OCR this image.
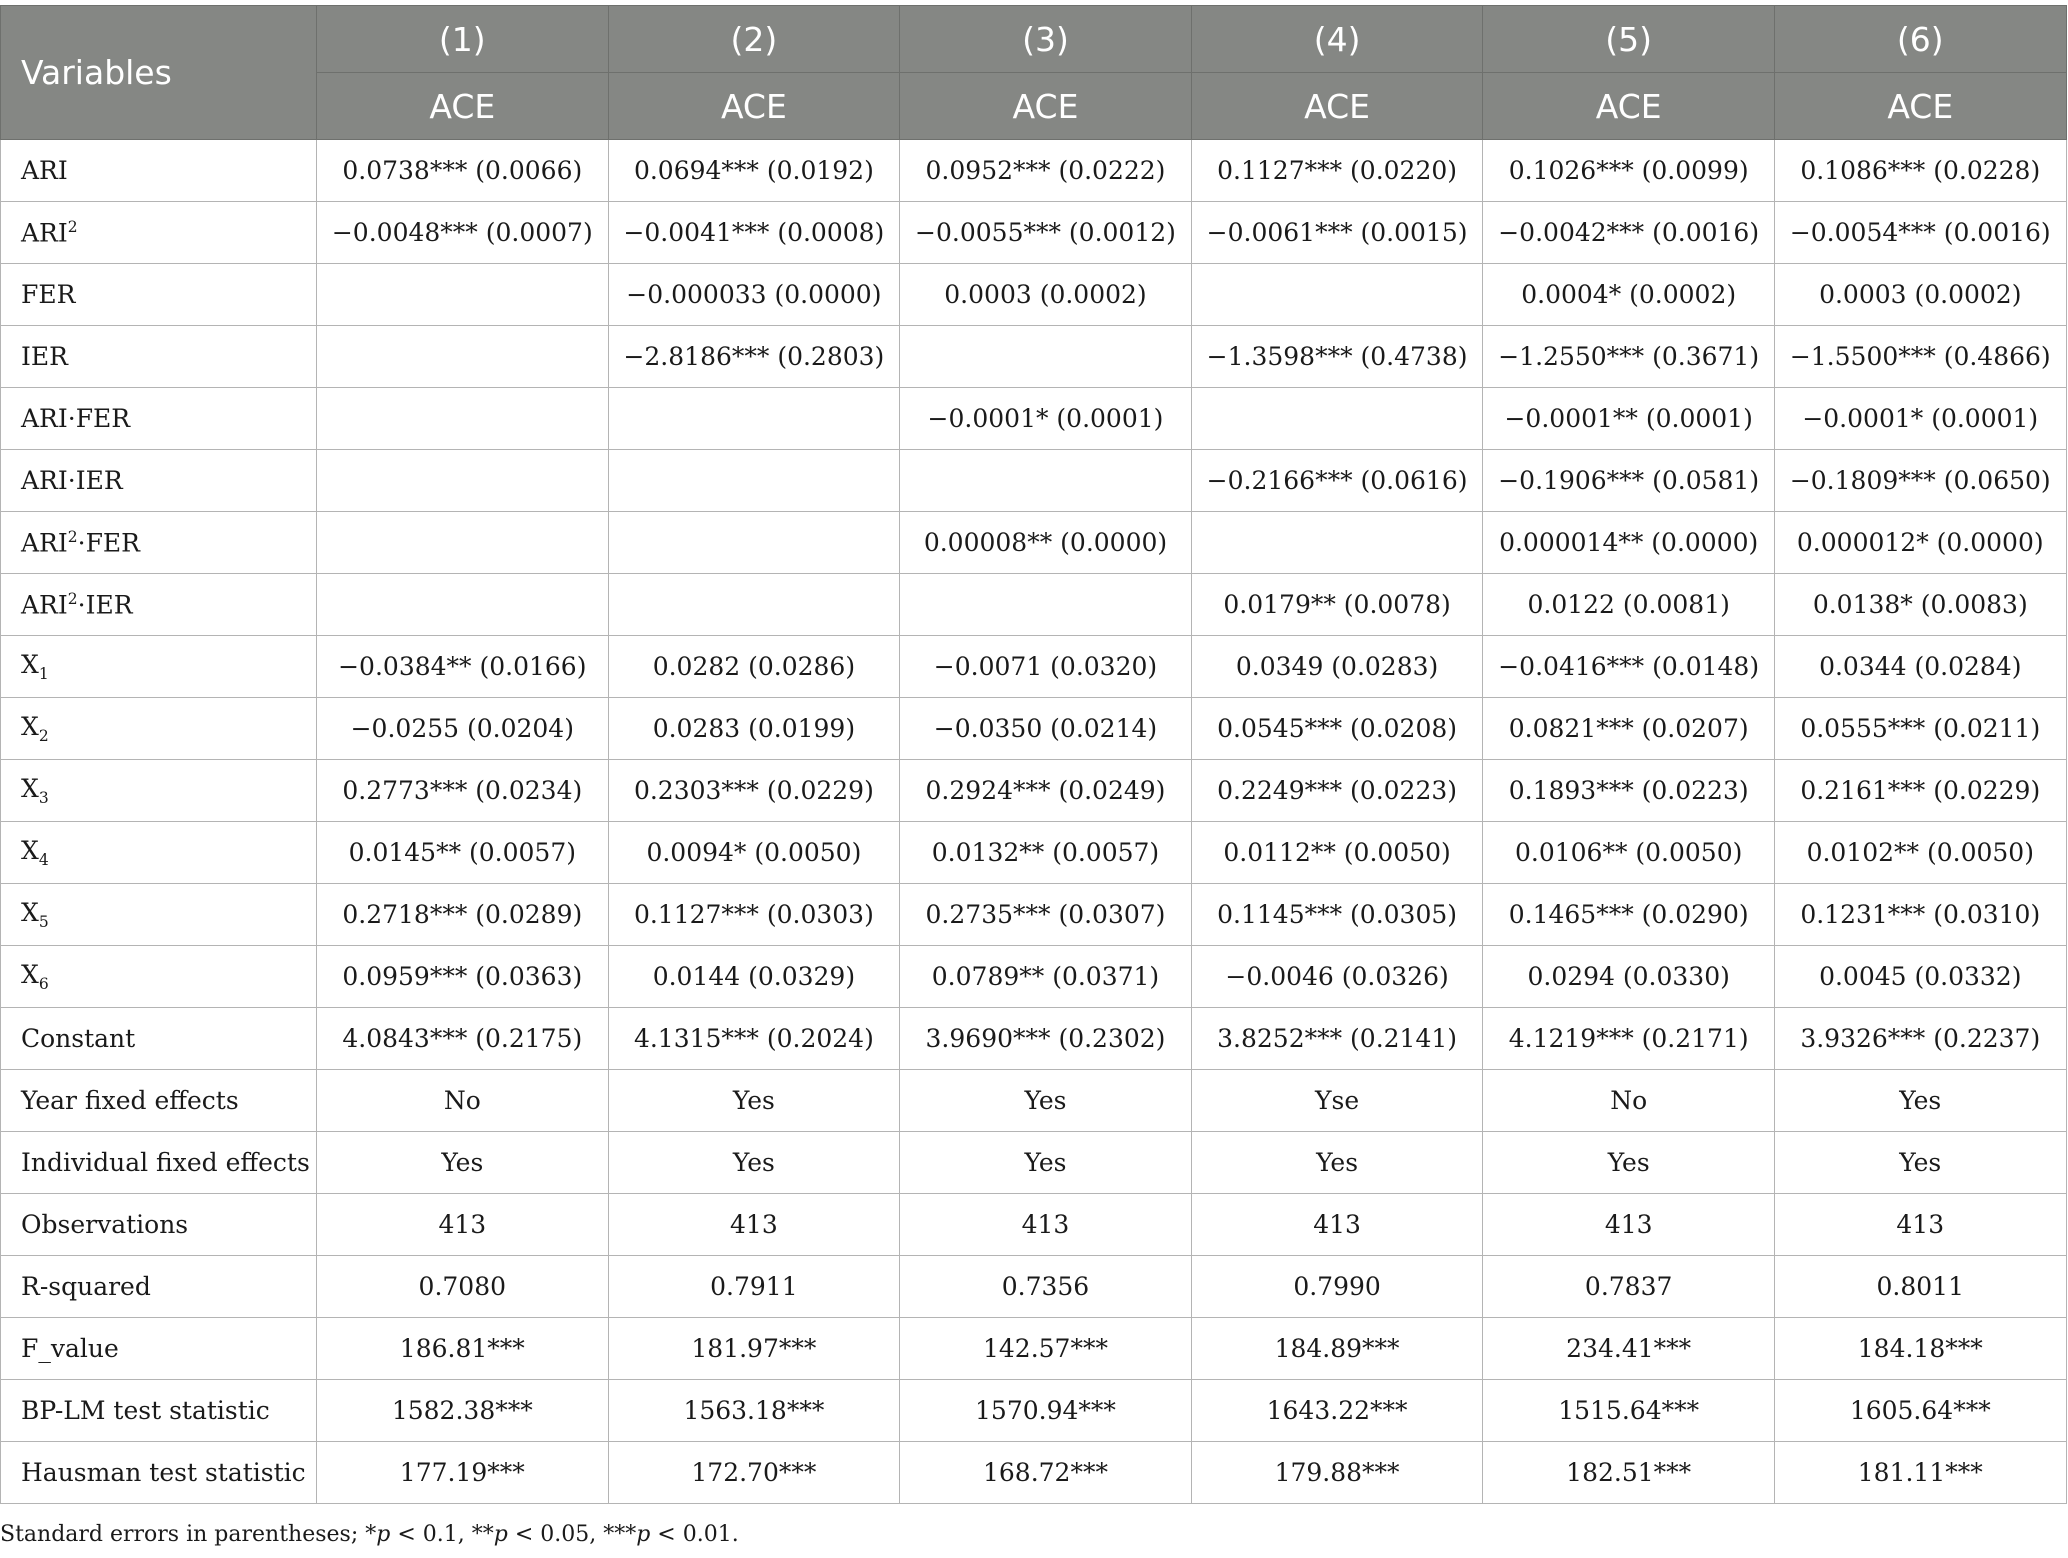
Variables	(1)	(2)	(3)	(4)	(5)	(6)
	ACE	ACE	ACE	ACE	ACE	ACE
ARI	0.0738*** (0.0066)	0.0694*** (0.0192)	0.0952*** (0.0222)	0.1127*** (0.0220)	0.1026*** (0.0099)	0.1086*** (0.0228)
$ARI^2$	−0.0048*** (0.0007)	−0.0041*** (0.0008)	−0.0055*** (0.0012)	−0.0061*** (0.0015)	−0.0042*** (0.0016)	−0.0054*** (0.0016)
FER		−0.000033 (0.0000)	0.0003 (0.0002)		0.0004* (0.0002)	0.0003 (0.0002)
IER		−2.8186*** (0.2803)		−1.3598*** (0.4738)	−1.2550*** (0.3671)	−1.5500*** (0.4866)
ARI·FER			−0.0001* (0.0001)		−0.0001** (0.0001)	−0.0001* (0.0001)
ARI·IER				−0.2166*** (0.0616)	−0.1906*** (0.0581)	−0.1809*** (0.0650)
$ARI^2\cdot FER$			0.00008** (0.0000)		0.000014** (0.0000)	0.000012* (0.0000)
$ARI^2\cdot IER$				0.0179** (0.0078)	0.0122 (0.0081)	0.0138* (0.0083)
$X_1$	−0.0384** (0.0166)	0.0282 (0.0286)	−0.0071 (0.0320)	0.0349 (0.0283)	−0.0416*** (0.0148)	0.0344 (0.0284)
$X_2$	−0.0255 (0.0204)	0.0283 (0.0199)	−0.0350 (0.0214)	0.0545*** (0.0208)	0.0821*** (0.0207)	0.0555*** (0.0211)
$X_3$	0.2773*** (0.0234)	0.2303*** (0.0229)	0.2924*** (0.0249)	0.2249*** (0.0223)	0.1893*** (0.0223)	0.2161*** (0.0229)
$X_4$	0.0145** (0.0057)	0.0094* (0.0050)	0.0132** (0.0057)	0.0112** (0.0050)	0.0106** (0.0050)	0.0102** (0.0050)
$X_5$	0.2718*** (0.0289)	0.1127*** (0.0303)	0.2735*** (0.0307)	0.1145*** (0.0305)	0.1465*** (0.0290)	0.1231*** (0.0310)
$X_6$	0.0959*** (0.0363)	0.0144 (0.0329)	0.0789** (0.0371)	−0.0046 (0.0326)	0.0294 (0.0330)	0.0045 (0.0332)
Constant	4.0843*** (0.2175)	4.1315*** (0.2024)	3.9690*** (0.2302)	3.8252*** (0.2141)	4.1219*** (0.2171)	3.9326*** (0.2237)
Year fixed effects	No	Yes	Yes	Yse	No	Yes
Individual fixed effects	Yes	Yes	Yes	Yes	Yes	Yes
Observations	413	413	413	413	413	413
R-squared	0.7080	0.7911	0.7356	0.7990	0.7837	0.8011
F_value	186.81***	181.97***	142.57***	184.89***	234.41***	184.18***
BP-LM test statistic	1582.38***	1563.18***	1570.94***	1643.22***	1515.64***	1605.64***
Hausman test statistic	177.19***	172.70***	168.72***	179.88***	182.51***	181.11***
Standard errors in parentheses; *p < 0.1, **p < 0.05, ***p < 0.01.
